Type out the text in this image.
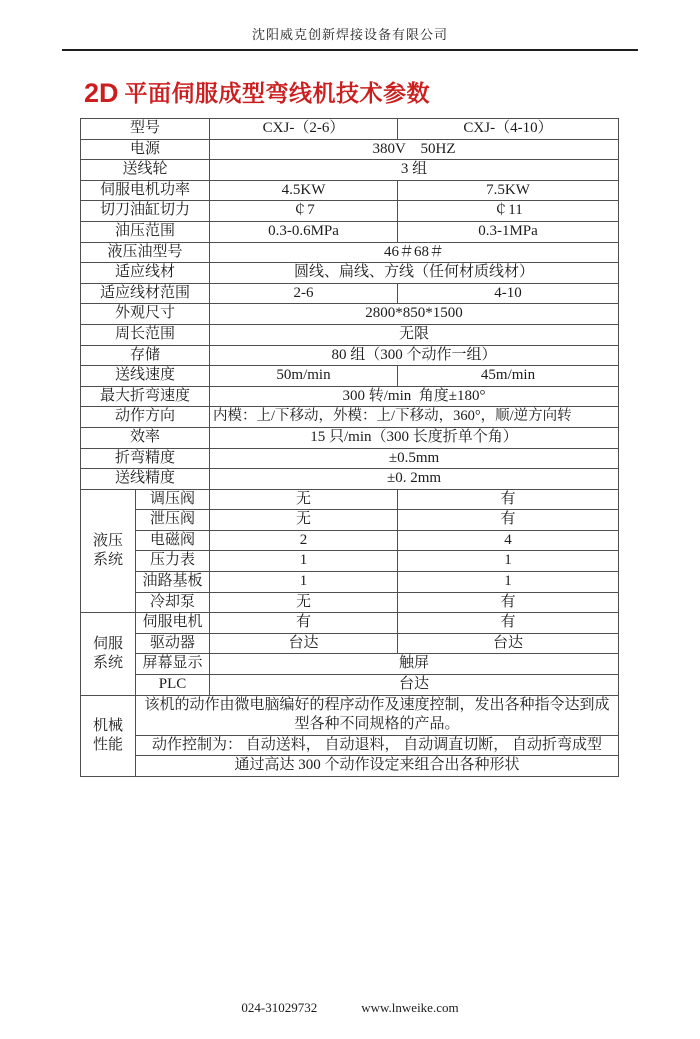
沈阳威克创新焊接设备有限公司
2D 平面伺服成型弯线机技术参数
型号		CXJ-（2-6）	CXJ-（4-10）
电源		380V　50HZ	
送线轮		3 组	
伺服电机功率		4.5KW	7.5KW
切刀油缸切力		￠7	￠11
油压范围		0.3-0.6MPa	0.3-1MPa
液压油型号		46＃68＃	
适应线材		圆线、扁线、方线（任何材质线材）	
适应线材范围		2-6	4-10
外观尺寸		2800*850*1500	
周长范围		无限	
存储		80 组（300 个动作一组）	
送线速度		50m/min	45m/min
最大折弯速度		300 转/min  角度±180°	
动作方向		内模：上/下移动，外模：上/下移动，360°，顺/逆方向转	
效率		15 只/min（300 长度折单个角）	
折弯精度		±0.5mm	
送线精度		±0. 2mm	
液压系统	调压阀	无	有
	泄压阀	无	有
	电磁阀	2	4
	压力表	1	1
	油路基板	1	1
	冷却泵	无	有
伺服系统	伺服电机	有	有
	驱动器	台达	台达
	屏幕显示	触屏	
	PLC	台达	
机械性能	该机的动作由微电脑编好的程序动作及速度控制，发出各种指令达到成型各种不同规格的产品。		
	动作控制为： 自动送料， 自动退料， 自动调直切断， 自动折弯成型		
	通过高达 300 个动作设定来组合出各种形状		
024-31029732	www.lnweike.com
